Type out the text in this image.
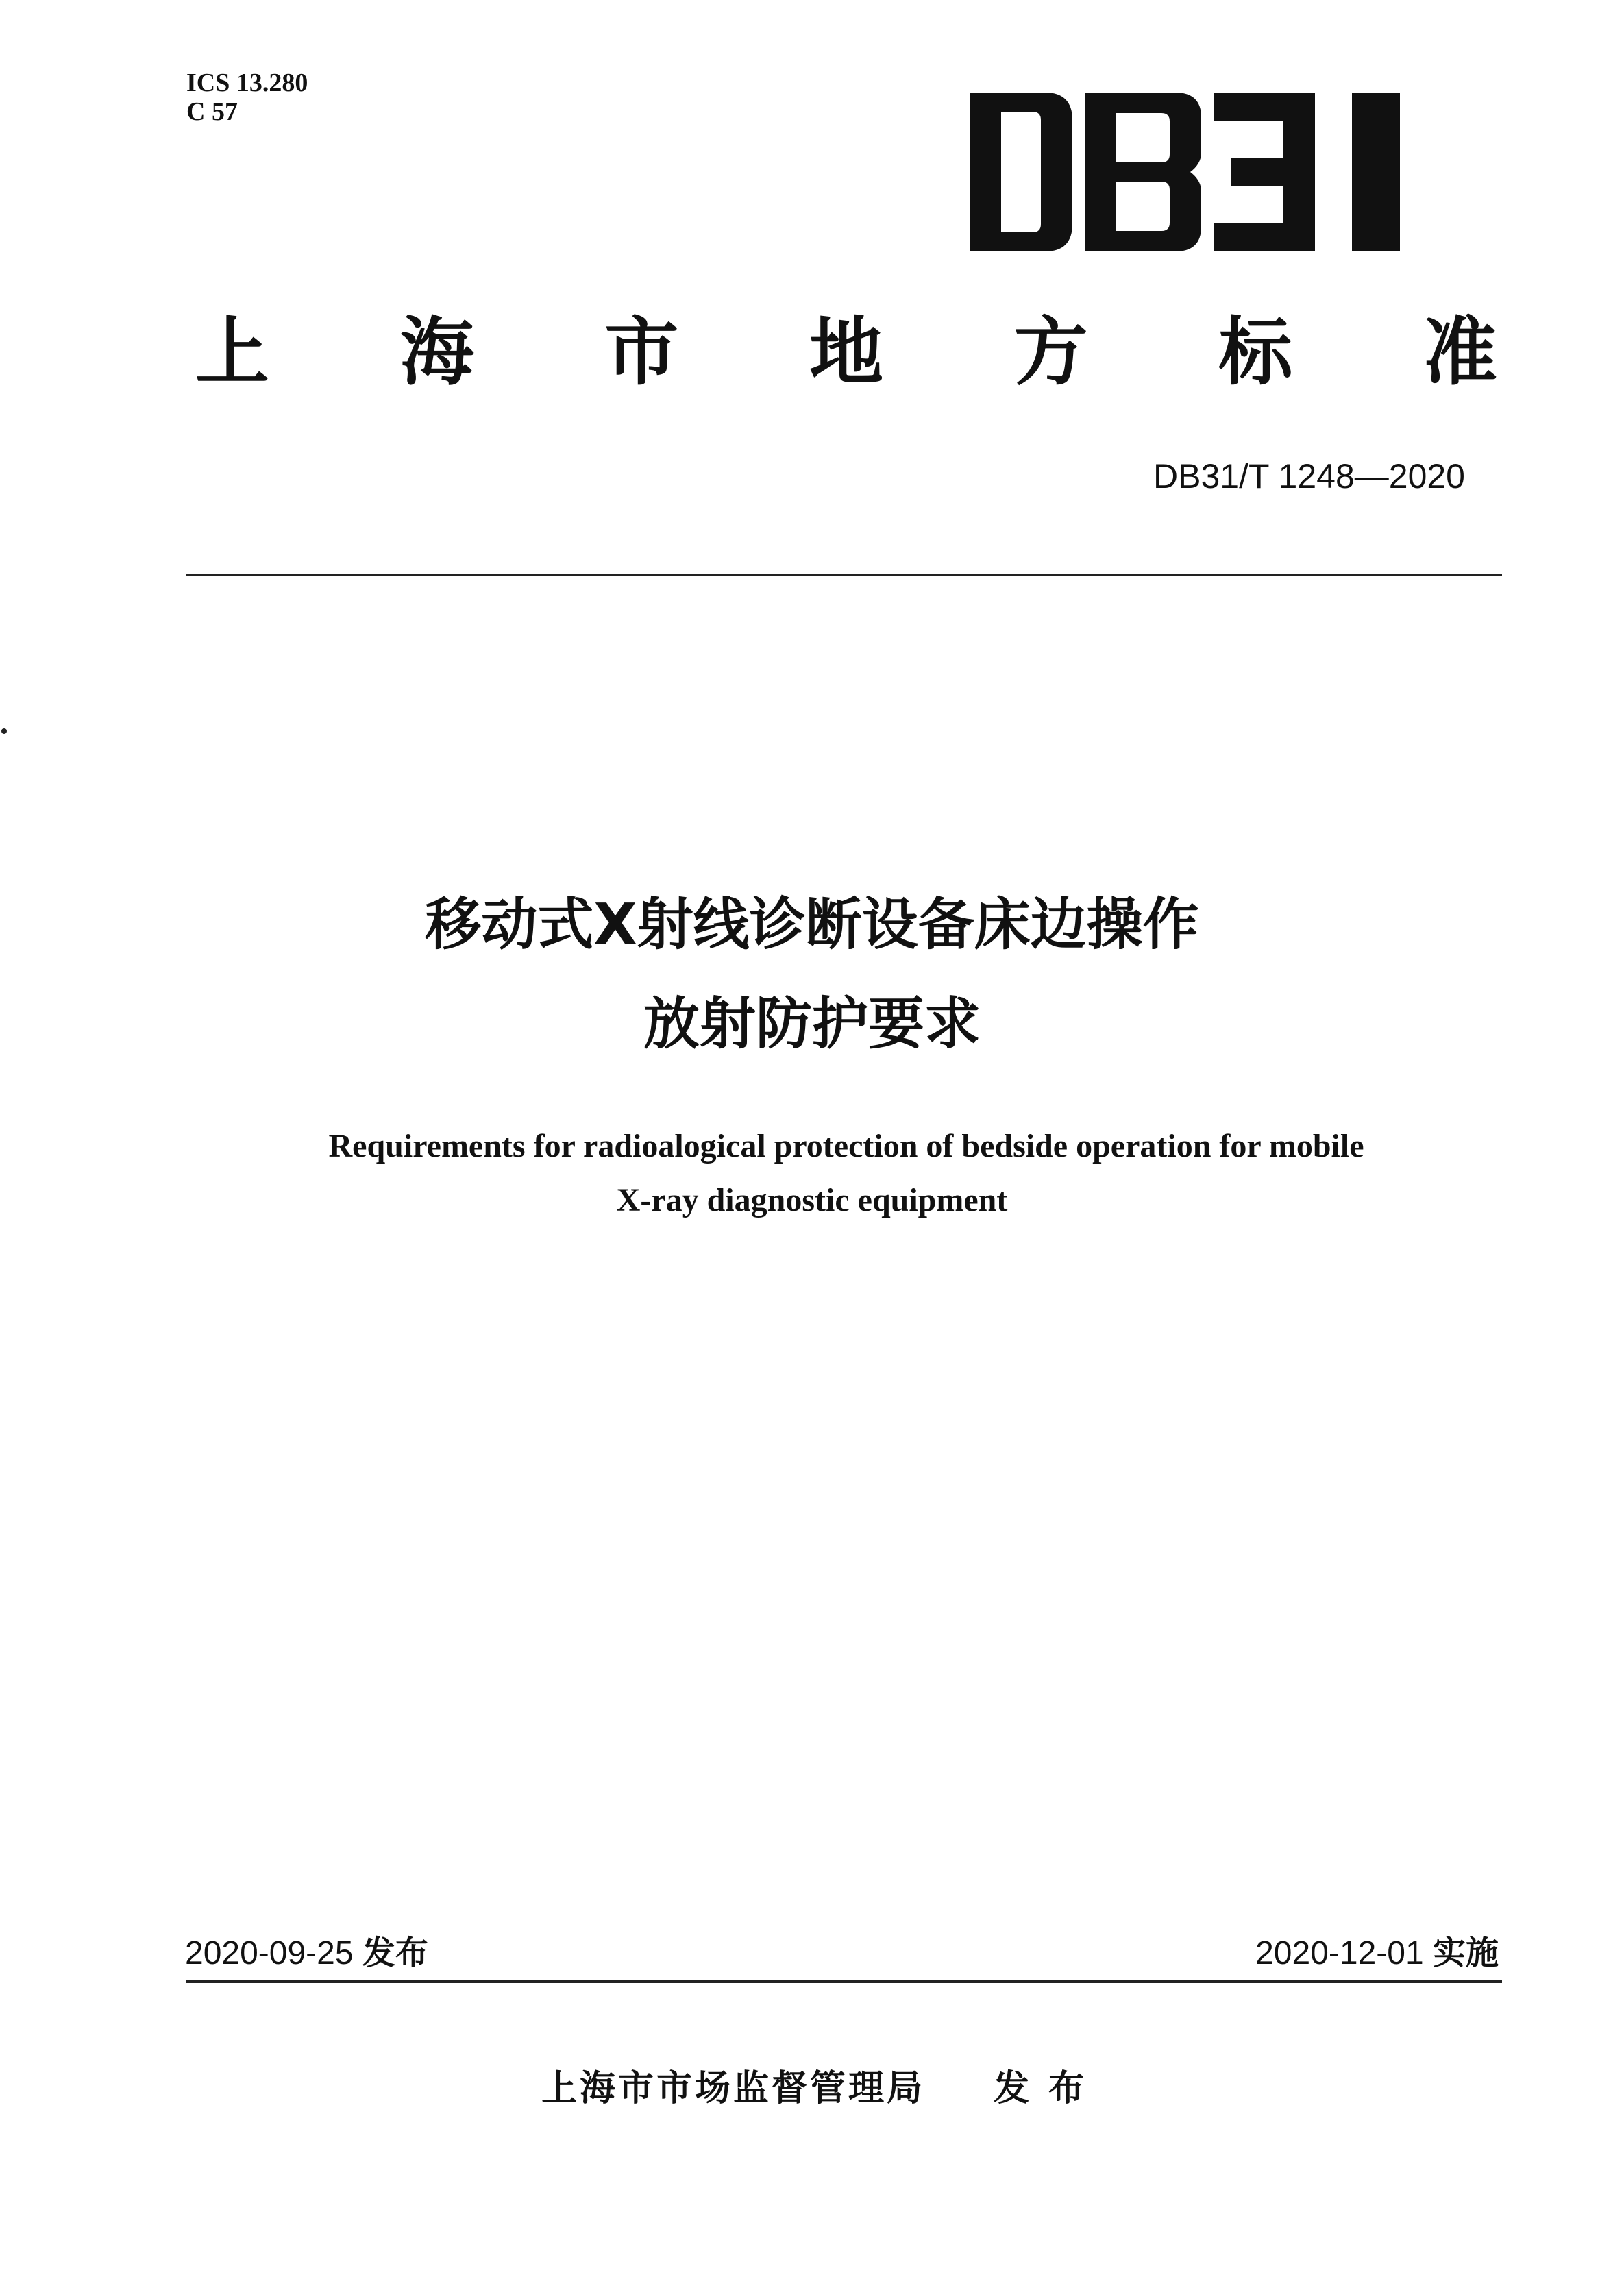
ICS 13.280
C 57
上 海 市 地 方 标 准
DB31/T 1248—2020
移动式X射线诊断设备床边操作
放射防护要求
Requirements for radioalogical protection of bedside operation for mobile
X-ray diagnostic equipment
2020-09-25 发布	2020-12-01 实施
上海市市场监督管理局 发布
